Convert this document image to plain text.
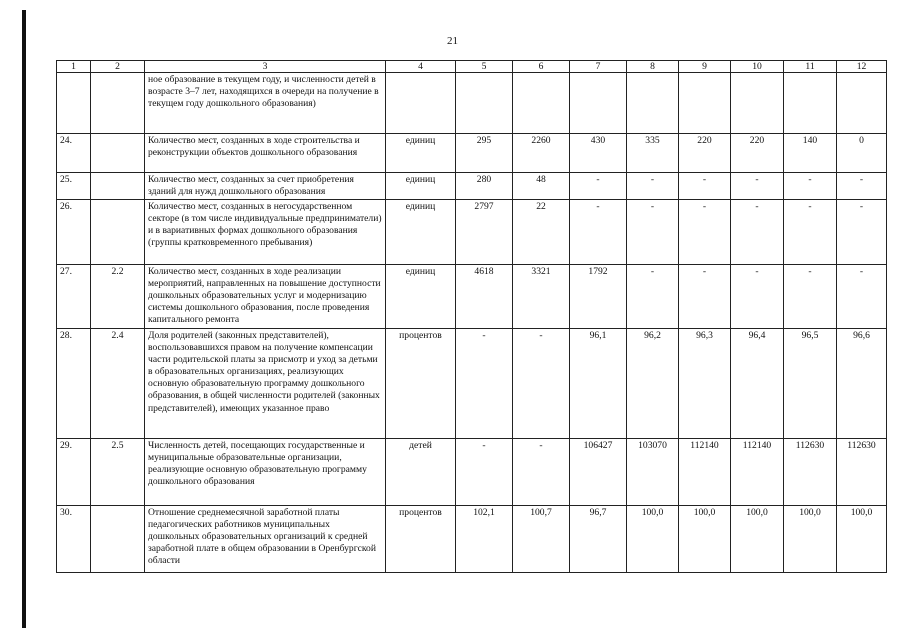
21
1	2	3	4	5	6	7	8	9	10	11	12
		ное образование в текущем году, и численности детей в возрасте 3–7 лет, находящихся в очереди на получение в текущем году дошкольного образования)									
24.		Количество мест, созданных в ходе строительства и реконструкции объектов дошкольного образования	единиц	295	2260	430	335	220	220	140	0
25.		Количество мест, созданных за счет приобретения зданий для нужд дошкольного образования	единиц	280	48	-	-	-	-	-	-
26.		Количество мест, созданных в негосударственном секторе (в том числе индивидуальные предприниматели) и в вариативных формах дошкольного образования (группы кратковременного пребывания)	единиц	2797	22	-	-	-	-	-	-
27.	2.2	Количество мест, созданных в ходе реализации мероприятий, направленных на повышение доступности дошкольных образовательных услуг и модернизацию системы дошкольного образования, после проведения капитального ремонта	единиц	4618	3321	1792	-	-	-	-	-
28.	2.4	Доля родителей (законных представителей), воспользовавшихся правом на получение компенсации части родительской платы за присмотр и уход за детьми в образовательных организациях, реализующих основную образовательную программу дошкольного образования, в общей численности родителей (законных представителей), имеющих указанное право	процентов	-	-	96,1	96,2	96,3	96,4	96,5	96,6
29.	2.5	Численность детей, посещающих государственные и муниципальные образовательные организации, реализующие основную образовательную программу дошкольного образования	детей	-	-	106427	103070	112140	112140	112630	112630
30.		Отношение среднемесячной заработной платы педагогических работников муниципальных дошкольных образовательных организаций к средней заработной плате в общем образовании в Оренбургской области	процентов	102,1	100,7	96,7	100,0	100,0	100,0	100,0	100,0
